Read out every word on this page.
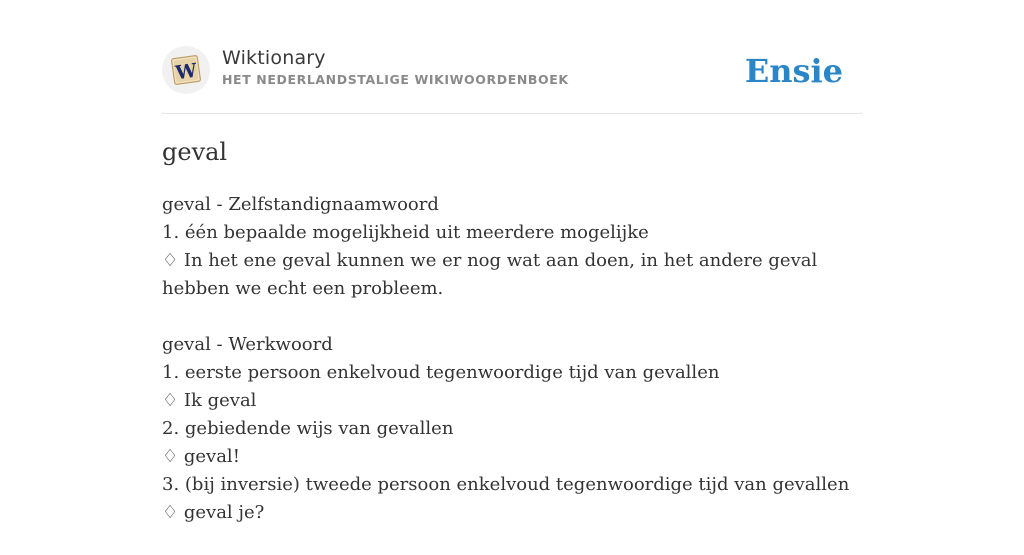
W
Wiktionary
HET NEDERLANDSTALIGE WIKIWOORDENBOEK	Ensie
geval

geval - Zelfstandignaamwoord

1. één bepaalde mogelijkheid uit meerdere mogelijke

♢ In het ene geval kunnen we er nog wat aan doen, in het andere geval hebben we echt een probleem.

geval - Werkwoord

1. eerste persoon enkelvoud tegenwoordige tijd van gevallen

♢ Ik geval

2. gebiedende wijs van gevallen

♢ geval!

3. (bij inversie) tweede persoon enkelvoud tegenwoordige tijd van gevallen

♢ geval je?
